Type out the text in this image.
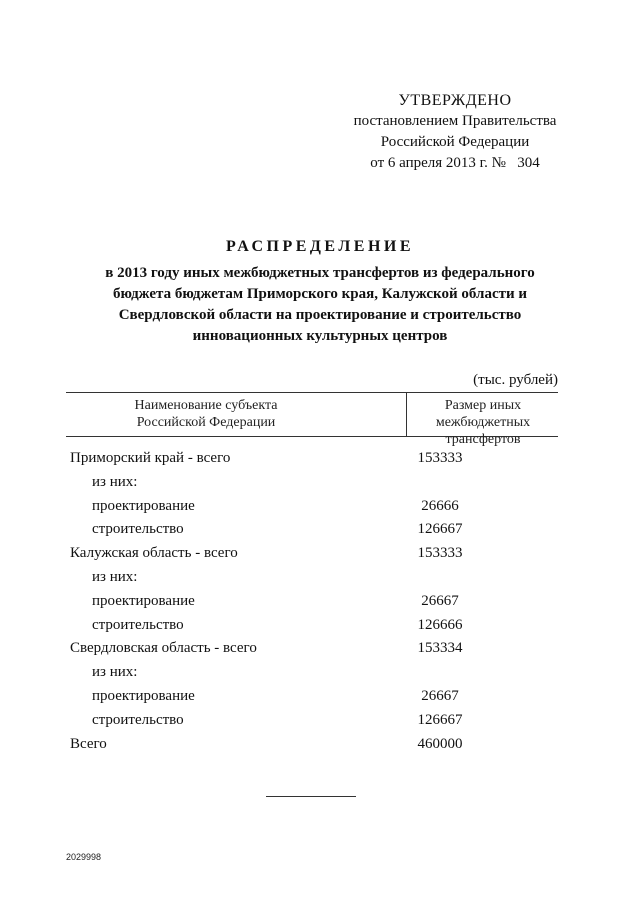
УТВЕРЖДЕНО
постановлением Правительства
Российской Федерации
от 6 апреля 2013 г. №   304
РАСПРЕДЕЛЕНИЕ
в 2013 году иных межбюджетных трансфертов из федерального
бюджета бюджетам Приморского края, Калужской области и
Свердловской области на проектирование и строительство
инновационных культурных центров
(тыс. рублей)
Наименование субъекта
Российской Федерации
Размер иных межбюджетных
трансфертов
Приморский край - всего	153333
из них:
проектирование	26666
строительство	126667
Калужская область - всего	153333
из них:
проектирование	26667
строительство	126666
Свердловская область - всего	153334
из них:
проектирование	26667
строительство	126667
Всего	460000
2029998
